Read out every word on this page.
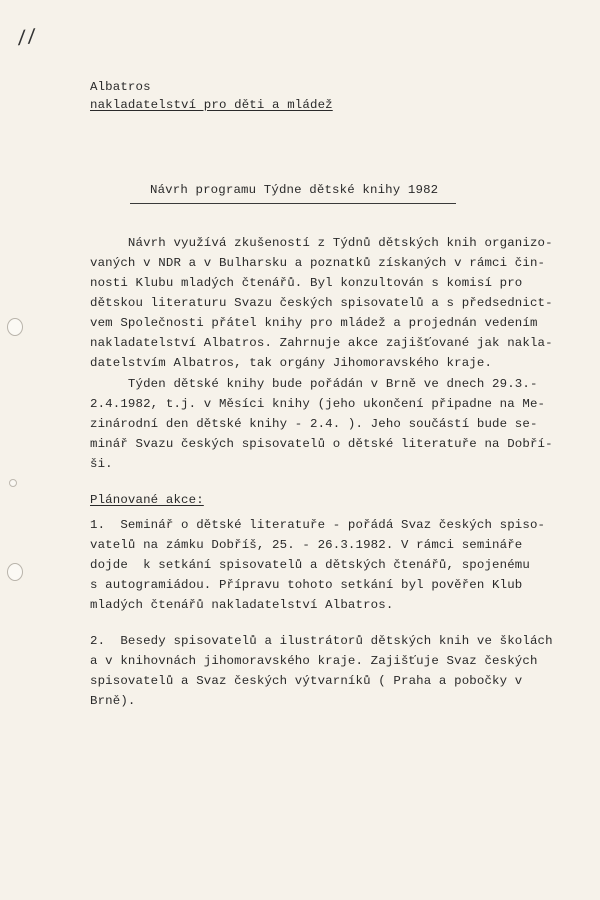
//
Albatros
nakladatelství pro děti a mládež
Návrh programu Týdne dětské knihy 1982
Návrh využívá zkušeností z Týdnů dětských knih organizo-
vaných v NDR a v Bulharsku a poznatků získaných v rámci čin-
nosti Klubu mladých čtenářů. Byl konzultován s komisí pro
dětskou literaturu Svazu českých spisovatelů a s předsednict-
vem Společnosti přátel knihy pro mládež a projednán vedením
nakladatelství Albatros. Zahrnuje akce zajišťované jak nakla-
datelstvím Albatros, tak orgány Jihomoravského kraje.
Týden dětské knihy bude pořádán v Brně ve dnech 29.3.-
2.4.1982, t.j. v Měsíci knihy (jeho ukončení připadne na Me-
zinárodní den dětské knihy - 2.4. ). Jeho součástí bude se-
minář Svazu českých spisovatelů o dětské literatuře na Dobří-
ši.
Plánované akce:
1.  Seminář o dětské literatuře - pořádá Svaz českých spiso-
vatelů na zámku Dobříš, 25. - 26.3.1982. V rámci semináře
dojde  k setkání spisovatelů a dětských čtenářů, spojenému
s autogramiádou. Přípravu tohoto setkání byl pověřen Klub
mladých čtenářů nakladatelství Albatros.
2.  Besedy spisovatelů a ilustrátorů dětských knih ve školách
a v knihovnách jihomoravského kraje. Zajišťuje Svaz českých
spisovatelů a Svaz českých výtvarníků ( Praha a pobočky v
Brně).
